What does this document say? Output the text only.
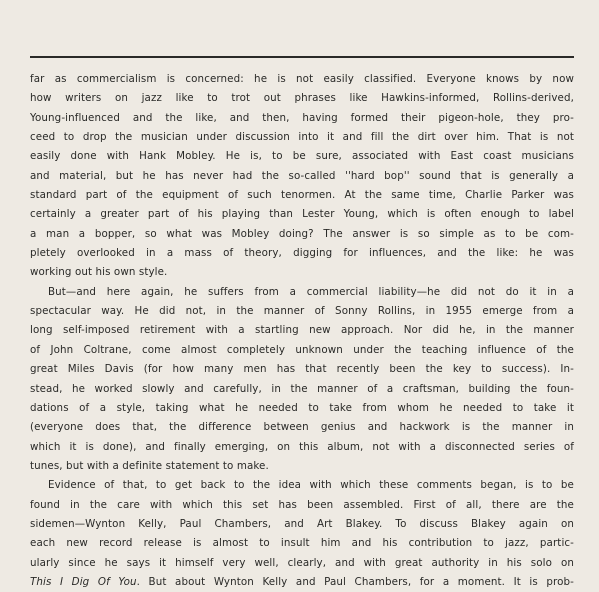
far as commercialism is concerned: he is not easily classified. Everyone knows by now
how writers on jazz like to trot out phrases like Hawkins-informed, Rollins-derived,
Young-influenced and the like, and then, having formed their pigeon-hole, they pro-
ceed to drop the musician under discussion into it and fill the dirt over him. That is not
easily done with Hank Mobley. He is, to be sure, associated with East coast musicians
and material, but he has never had the so-called ''hard bop'' sound that is generally a
standard part of the equipment of such tenormen. At the same time, Charlie Parker was
certainly a greater part of his playing than Lester Young, which is often enough to label
a man a bopper, so what was Mobley doing? The answer is so simple as to be com-
pletely overlooked in a mass of theory, digging for influences, and the like: he was
working out his own style.
But—and here again, he suffers from a commercial liability—he did not do it in a
spectacular way. He did not, in the manner of Sonny Rollins, in 1955 emerge from a
long self-imposed retirement with a startling new approach. Nor did he, in the manner
of John Coltrane, come almost completely unknown under the teaching influence of the
great Miles Davis (for how many men has that recently been the key to success). In-
stead, he worked slowly and carefully, in the manner of a craftsman, building the foun-
dations of a style, taking what he needed to take from whom he needed to take it
(everyone does that, the difference between genius and hackwork is the manner in
which it is done), and finally emerging, on this album, not with a disconnected series of
tunes, but with a definite statement to make.
Evidence of that, to get back to the idea with which these comments began, is to be
found in the care with which this set has been assembled. First of all, there are the
sidemen—Wynton Kelly, Paul Chambers, and Art Blakey. To discuss Blakey again on
each new record release is almost to insult him and his contribution to jazz, partic-
ularly since he says it himself very well, clearly, and with great authority in his solo on
This I Dig Of You. But about Wynton Kelly and Paul Chambers, for a moment. It is prob-
